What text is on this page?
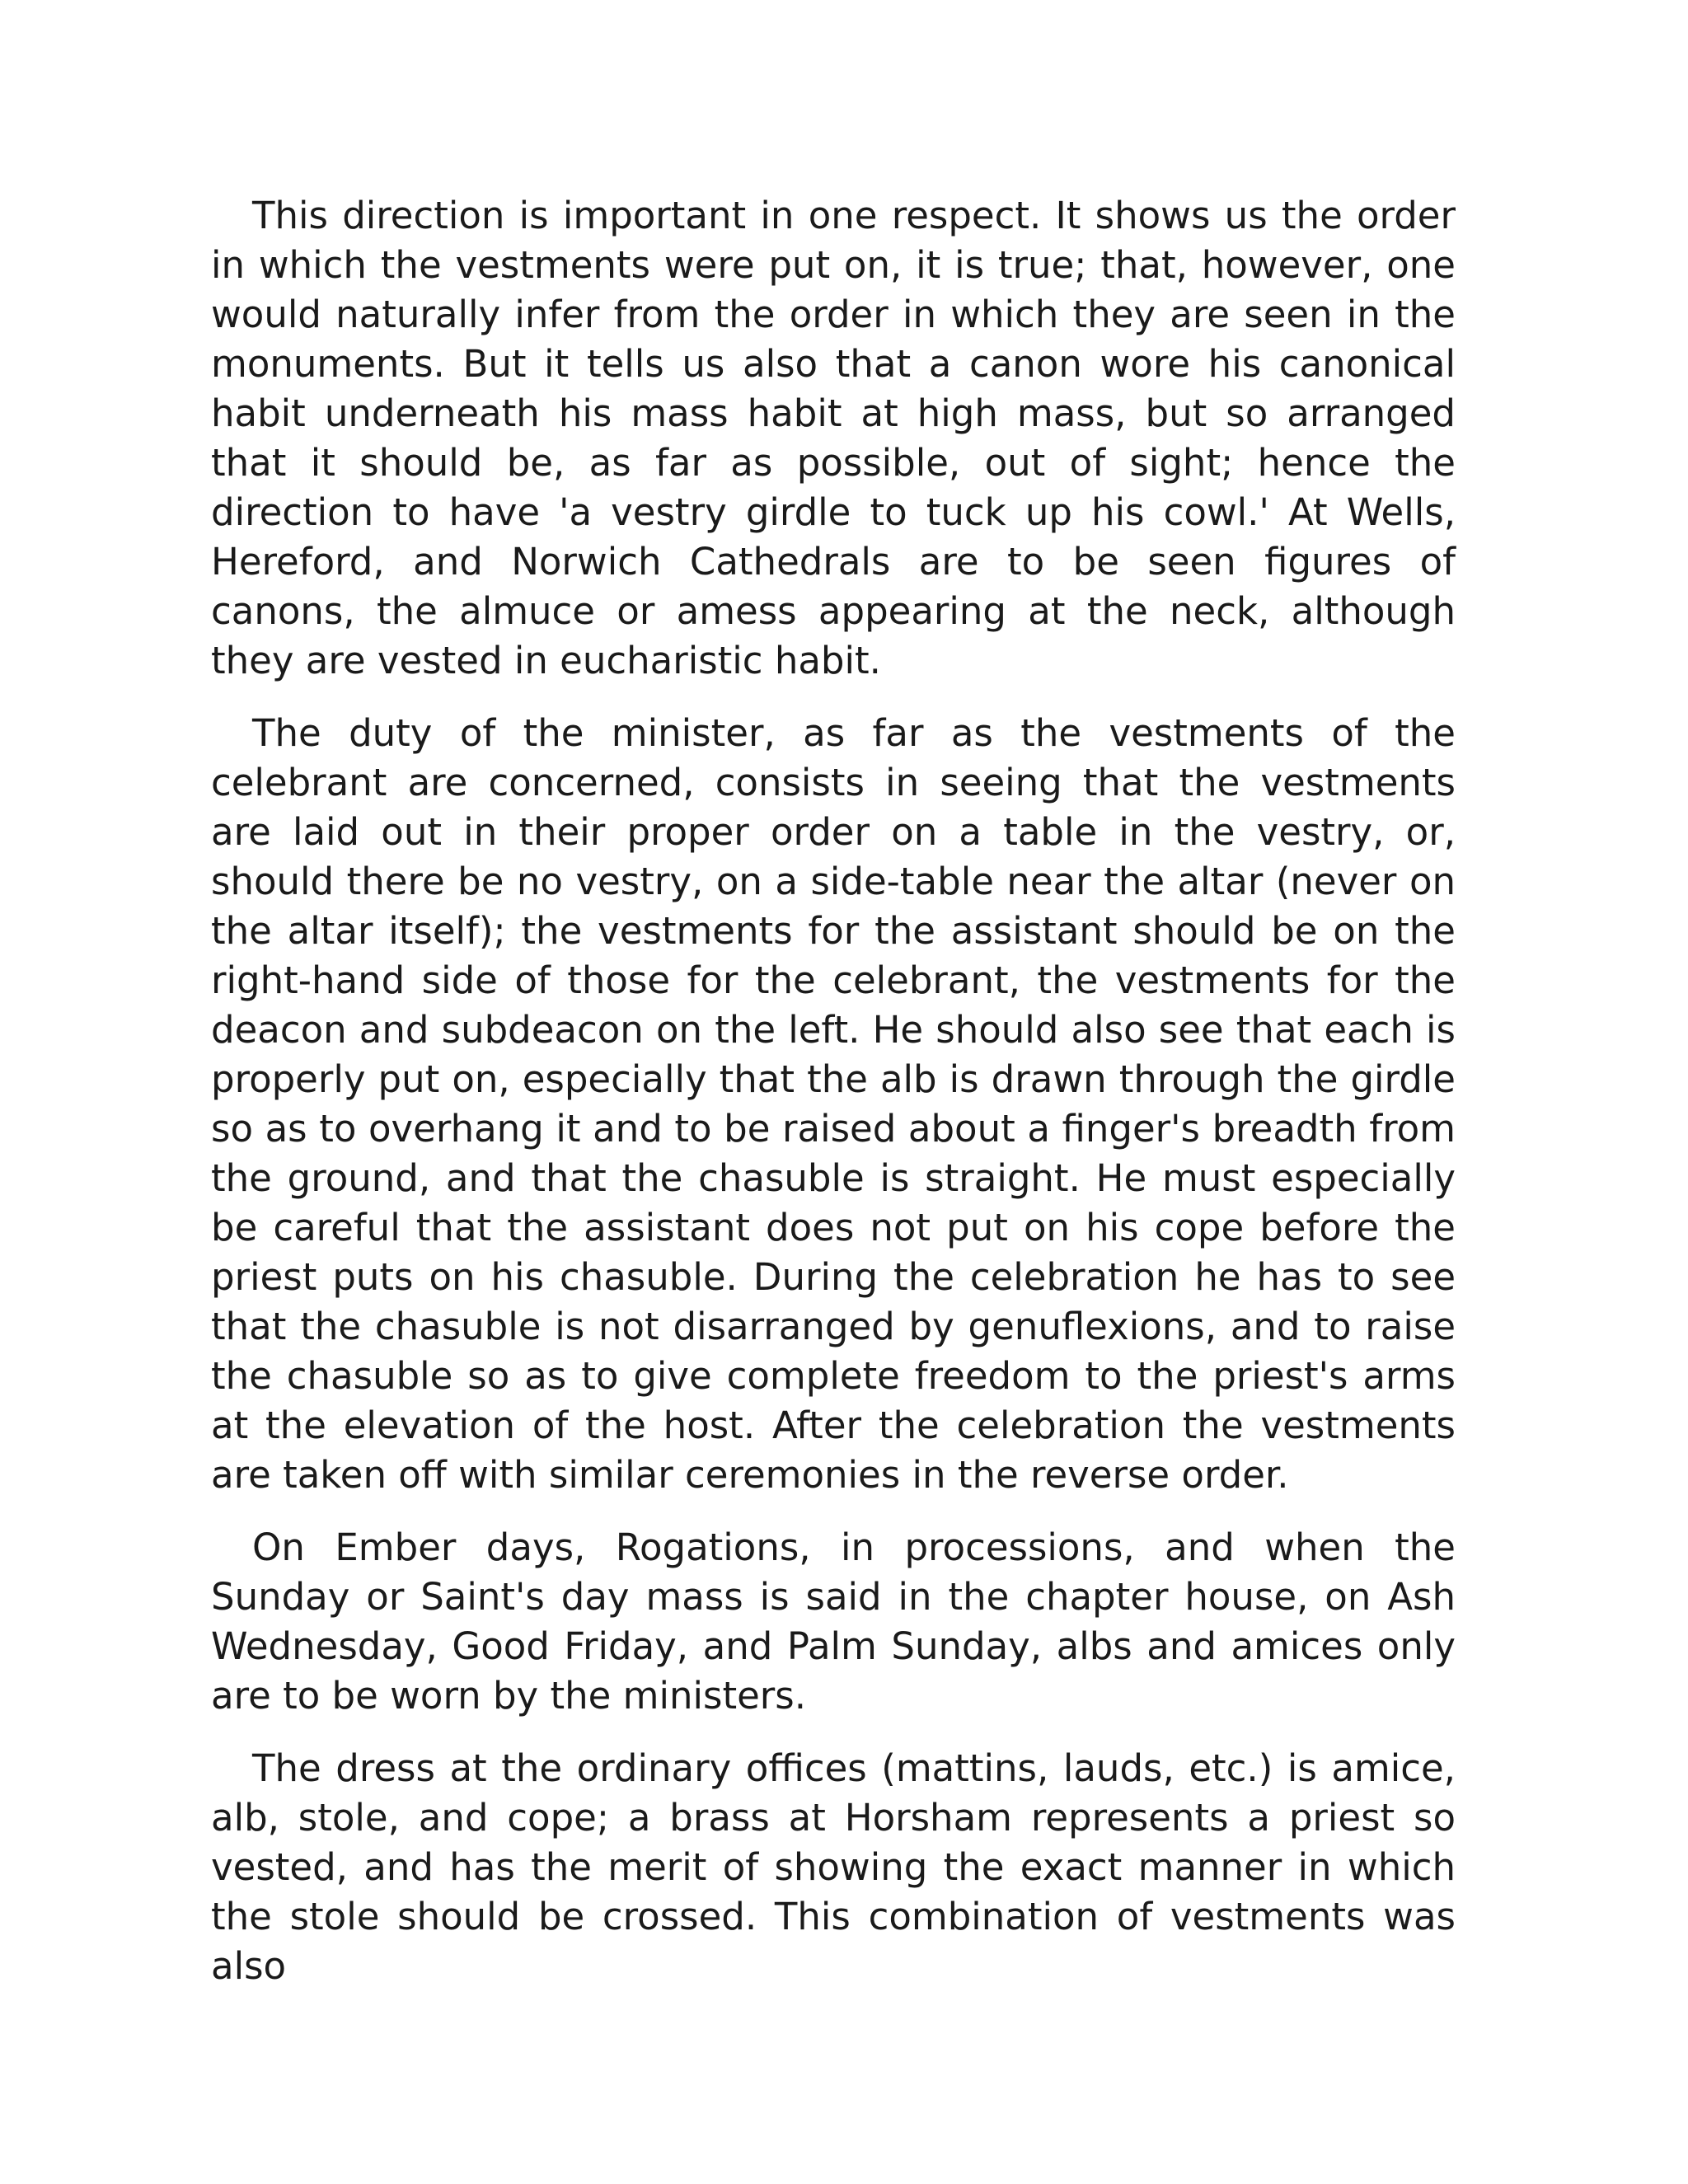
This direction is important in one respect. It shows us the order in which the vestments were put on, it is true; that, however, one would naturally infer from the order in which they are seen in the monuments. But it tells us also that a canon wore his canonical habit underneath his mass habit at high mass, but so arranged that it should be, as far as possible, out of sight; hence the direction to have 'a vestry girdle to tuck up his cowl.' At Wells, Hereford, and Norwich Cathedrals are to be seen figures of canons, the almuce or amess appearing at the neck, although they are vested in eucharistic habit.

The duty of the minister, as far as the vestments of the celebrant are concerned, consists in seeing that the vestments are laid out in their proper order on a table in the vestry, or, should there be no vestry, on a side-table near the altar (never on the altar itself); the vestments for the assistant should be on the right-hand side of those for the celebrant, the vestments for the deacon and subdeacon on the left. He should also see that each is properly put on, especially that the alb is drawn through the girdle so as to overhang it and to be raised about a finger's breadth from the ground, and that the chasuble is straight. He must especially be careful that the assistant does not put on his cope before the priest puts on his chasuble. During the celebration he has to see that the chasuble is not disarranged by genuflexions, and to raise the chasuble so as to give complete freedom to the priest's arms at the elevation of the host. After the celebration the vestments are taken off with similar ceremonies in the reverse order.

On Ember days, Rogations, in processions, and when the Sunday or Saint's day mass is said in the chapter house, on Ash Wednesday, Good Friday, and Palm Sunday, albs and amices only are to be worn by the ministers.

The dress at the ordinary offices (mattins, lauds, etc.) is amice, alb, stole, and cope; a brass at Horsham represents a priest so vested, and has the merit of showing the exact manner in which the stole should be crossed. This combination of vestments was also
